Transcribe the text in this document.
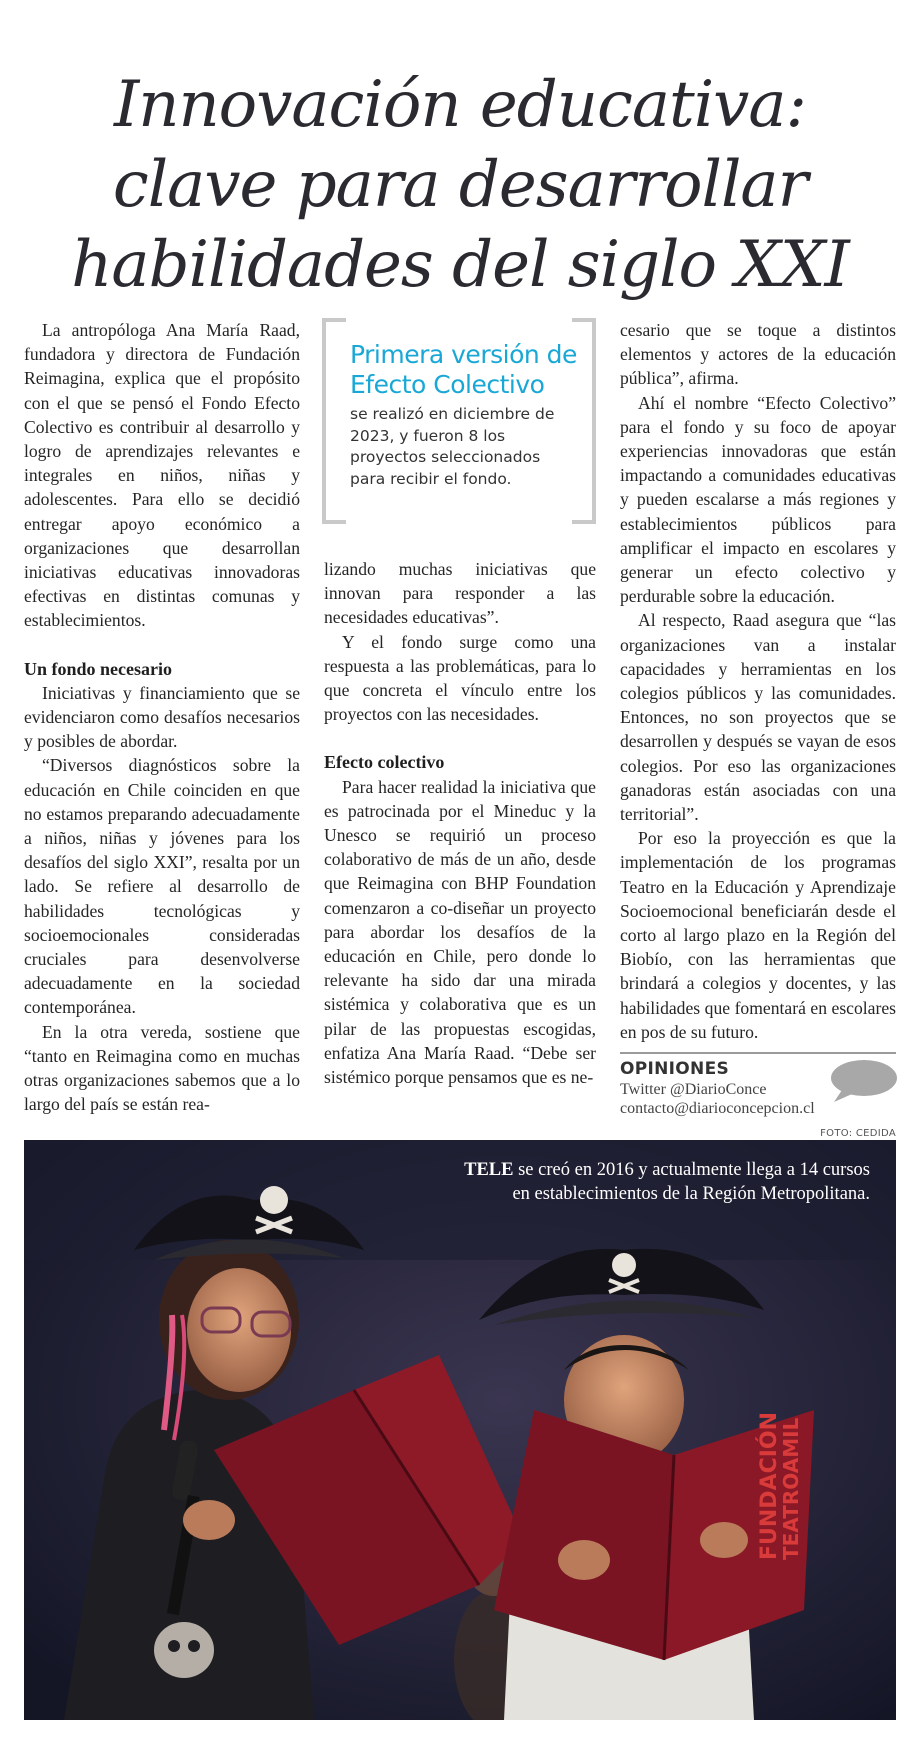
Innovación educativa:
clave para desarrollar
habilidades del siglo XXI

La antropóloga Ana María Raad, fundadora y directora de Fundación Reimagina, explica que el propósito con el que se pensó el Fondo Efecto Colectivo es contribuir al desarrollo y logro de aprendizajes relevantes e integrales en niños, niñas y adolescentes. Para ello se decidió entregar apoyo económico a organizaciones que desarrollan iniciativas educativas innovadoras efectivas en distintas comunas y establecimientos.

Un fondo necesario

Iniciativas y financiamiento que se evidenciaron como desafíos necesarios y posibles de abordar.

“Diversos diagnósticos sobre la educación en Chile coinciden en que no estamos preparando adecuadamente a niños, niñas y jóvenes para los desafíos del siglo XXI”, resalta por un lado. Se refiere al desarrollo de habilidades tecnológicas y socioemocionales consideradas cruciales para desenvolverse adecuadamente en la sociedad contemporánea.

En la otra vereda, sostiene que “tanto en Reimagina como en muchas otras organizaciones sabemos que a lo largo del país se están rea-

Primera versión de Efecto Colectivo
se realizó en diciembre de 2023, y fueron 8 los proyectos seleccionados para recibir el fondo.

lizando muchas iniciativas que innovan para responder a las necesidades educativas”.

Y el fondo surge como una respuesta a las problemáticas, para lo que concreta el vínculo entre los proyectos con las necesidades.

Efecto colectivo

Para hacer realidad la iniciativa que es patrocinada por el Mineduc y la Unesco se requirió un proceso colaborativo de más de un año, desde que Reimagina con BHP Foundation comenzaron a co-diseñar un proyecto para abordar los desafíos de la educación en Chile, pero donde lo relevante ha sido dar una mirada sistémica y colaborativa que es un pilar de las propuestas escogidas, enfatiza Ana María Raad. “Debe ser sistémico porque pensamos que es ne-

cesario que se toque a distintos elementos y actores de la educación pública”, afirma.

Ahí el nombre “Efecto Colectivo” para el fondo y su foco de apoyar experiencias innovadoras que están impactando a comunidades educativas y pueden escalarse a más regiones y establecimientos públicos para amplificar el impacto en escolares y generar un efecto colectivo y perdurable sobre la educación.

Al respecto, Raad asegura que “las organizaciones van a instalar capacidades y herramientas en los colegios públicos y las comunidades. Entonces, no son proyectos que se desarrollen y después se vayan de esos colegios. Por eso las organizaciones ganadoras están asociadas con una territorial”.

Por eso la proyección es que la implementación de los programas Teatro en la Educación y Aprendizaje Socioemocional beneficiarán desde el corto al largo plazo en la Región del Biobío, con las herramientas que brindará a colegios y docentes, y las habilidades que fomentará en escolares en pos de su futuro.

OPINIONES
Twitter @DiarioConce
contacto@diarioconcepcion.cl
FOTO: CEDIDA
FUNDACIÓN
TEATROAMIL
TELE se creó en 2016 y actualmente llega a 14 cursos en establecimientos de la Región Metropolitana.
